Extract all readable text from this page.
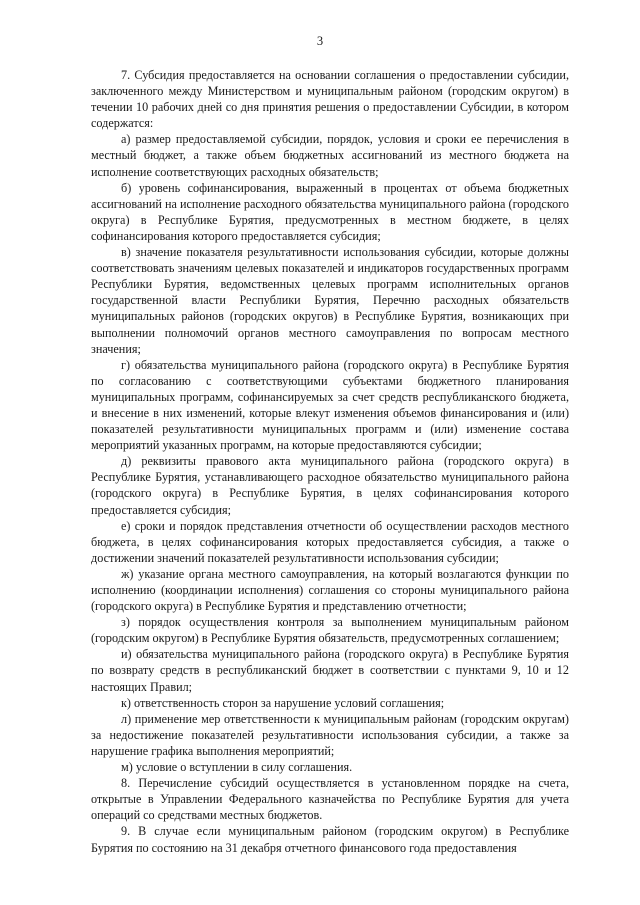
3

7. Субсидия предоставляется на основании соглашения о предоставлении субсидии, заключенного между Министерством и муниципальным районом (городским округом) в течении 10 рабочих дней со дня принятия решения о предоставлении Субсидии, в котором содержатся:

а) размер предоставляемой субсидии, порядок, условия и сроки ее перечисления в местный бюджет, а также объем бюджетных ассигнований из местного бюджета на исполнение соответствующих расходных обязательств;

б) уровень софинансирования, выраженный в процентах от объема бюджетных ассигнований на исполнение расходного обязательства муниципального района (городского округа) в Республике Бурятия, предусмотренных в местном бюджете, в целях софинансирования которого предоставляется субсидия;

в) значение показателя результативности использования субсидии, которые должны соответствовать значениям целевых показателей и индикаторов государственных программ Республики Бурятия, ведомственных целевых программ исполнительных органов государственной власти Республики Бурятия, Перечню расходных обязательств муниципальных районов (городских округов) в Республике Бурятия, возникающих при выполнении полномочий органов местного самоуправления по вопросам местного значения;

г) обязательства муниципального района (городского округа) в Республике Бурятия по согласованию с соответствующими субъектами бюджетного планирования муниципальных программ, софинансируемых за счет средств республиканского бюджета, и внесение в них изменений, которые влекут изменения объемов финансирования и (или) показателей результативности муниципальных программ и (или) изменение состава мероприятий указанных программ, на которые предоставляются субсидии;

д) реквизиты правового акта муниципального района (городского округа) в Республике Бурятия, устанавливающего расходное обязательство муниципального района (городского округа) в Республике Бурятия, в целях софинансирования которого предоставляется субсидия;

е) сроки и порядок представления отчетности об осуществлении расходов местного бюджета, в целях софинансирования которых предоставляется субсидия, а также о достижении значений показателей результативности использования субсидии;

ж) указание органа местного самоуправления, на который возлагаются функции по исполнению (координации исполнения) соглашения со стороны муниципального района (городского округа) в Республике Бурятия и представлению отчетности;

з) порядок осуществления контроля за выполнением муниципальным районом (городским округом) в Республике Бурятия обязательств, предусмотренных соглашением;

и) обязательства муниципального района (городского округа) в Республике Бурятия по возврату средств в республиканский бюджет в соответствии с пунктами 9, 10 и 12 настоящих Правил;

к) ответственность сторон за нарушение условий соглашения;

л) применение мер ответственности к муниципальным районам (городским округам) за недостижение показателей результативности использования субсидии, а также за нарушение графика выполнения мероприятий;

м) условие о вступлении в силу соглашения.

8. Перечисление субсидий осуществляется в установленном порядке на счета, открытые в Управлении Федерального казначейства по Республике Бурятия для учета операций со средствами местных бюджетов.

9. В случае если муниципальным районом (городским округом) в Республике Бурятия по состоянию на 31 декабря отчетного финансового года предоставления
